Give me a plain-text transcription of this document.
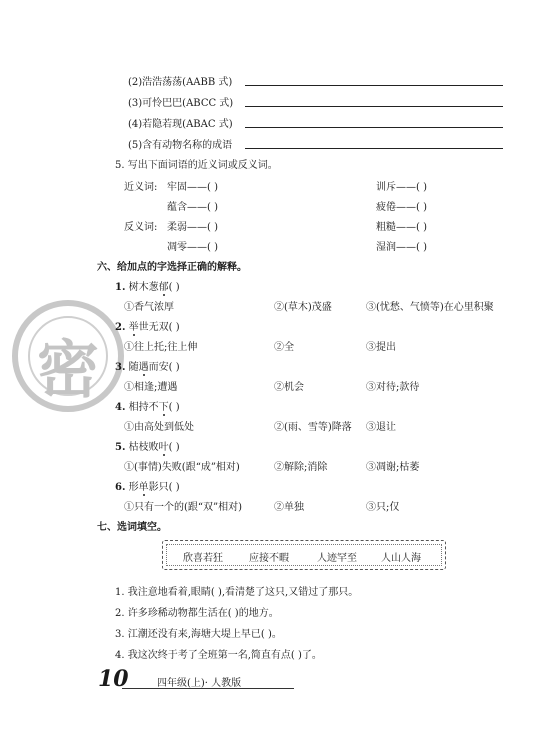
密
(2)浩浩荡荡(AABB 式)
(3)可怜巴巴(ABCC 式)
(4)若隐若现(ABAC 式)
(5)含有动物名称的成语
5. 写出下面词语的近义词或反义词。
近义词: 牢固——( )	训斥——( )
蕴含——( )	疲倦——( )
反义词: 柔弱——( )	粗糙——( )
凋零——( )	湿润——( )
六、给加点的字选择正确的解释。
1. 树木葱郁( )
①香气浓厚	②(草木)茂盛	③(忧愁、气愤等)在心里积聚
2. 举世无双( )
①往上托;往上伸	②全	③提出
3. 随遇而安( )
①相逢;遭遇	②机会	③对待;款待
4. 相持不下( )
①由高处到低处	②(雨、雪等)降落 ③退让
5. 枯枝败叶( )
①(事情)失败(跟“成”相对)	②解除;消除	③凋谢;枯萎
6. 形单影只( )
①只有一个的(跟“双”相对)	②单独	③只;仅
七、选词填空。
欣喜若狂	应接不暇	人迹罕至 人山人海
1. 我注意地看着,眼睛( ),看清楚了这只,又错过了那只。
2. 许多珍稀动物都生活在( )的地方。
3. 江潮还没有来,海塘大堤上早已( )。
4. 我这次终于考了全班第一名,简直有点( )了。
10	四年级(上)· 人教版
